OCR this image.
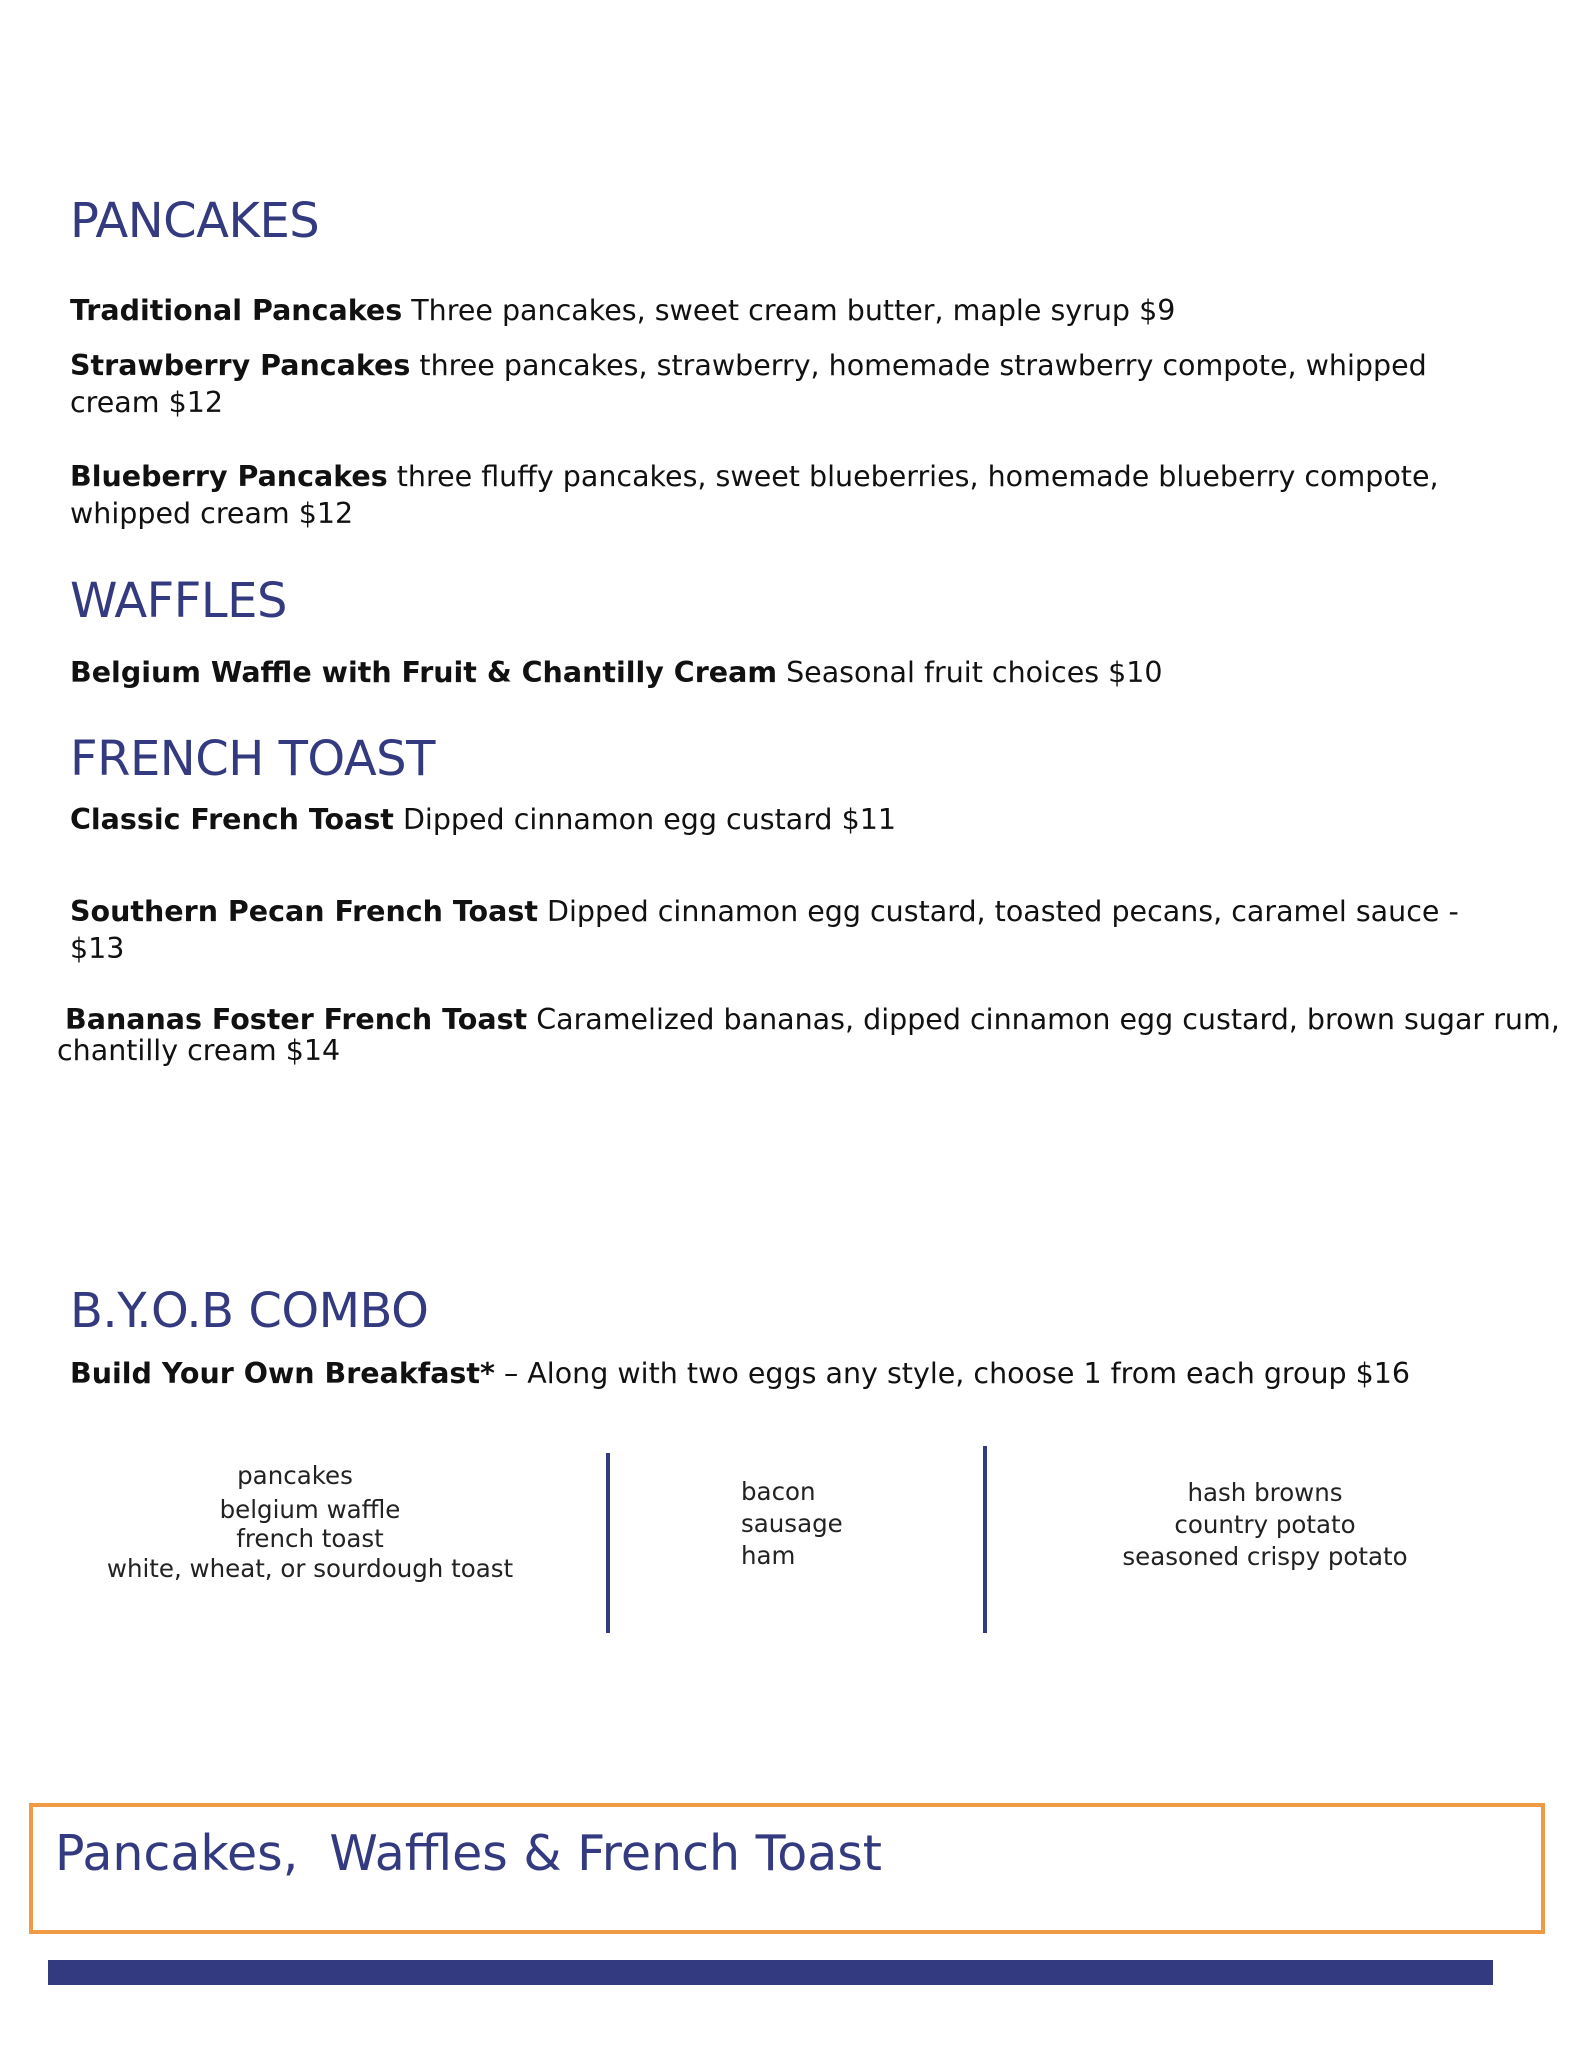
PANCAKES

Traditional Pancakes Three pancakes, sweet cream butter, maple syrup $9

Strawberry Pancakes three pancakes, strawberry, homemade strawberry compote, whipped
cream $12

Blueberry Pancakes three fluffy pancakes, sweet blueberries, homemade blueberry compote,
whipped cream $12

WAFFLES

Belgium Waffle with Fruit & Chantilly Cream Seasonal fruit choices $10

FRENCH TOAST

Classic French Toast Dipped cinnamon egg custard $11

Southern Pecan French Toast Dipped cinnamon egg custard, toasted pecans, caramel sauce -
$13

Bananas Foster French Toast Caramelized bananas, dipped cinnamon egg custard, brown sugar rum,
chantilly cream $14

B.Y.O.B COMBO

Build Your Own Breakfast* – Along with two eggs any style, choose 1 from each group $16

pancakes
belgium waffle
french toast
white, wheat, or sourdough toast
bacon
sausage
ham
hash browns
country potato
seasoned crispy potato
Pancakes,  Waffles & French Toast
